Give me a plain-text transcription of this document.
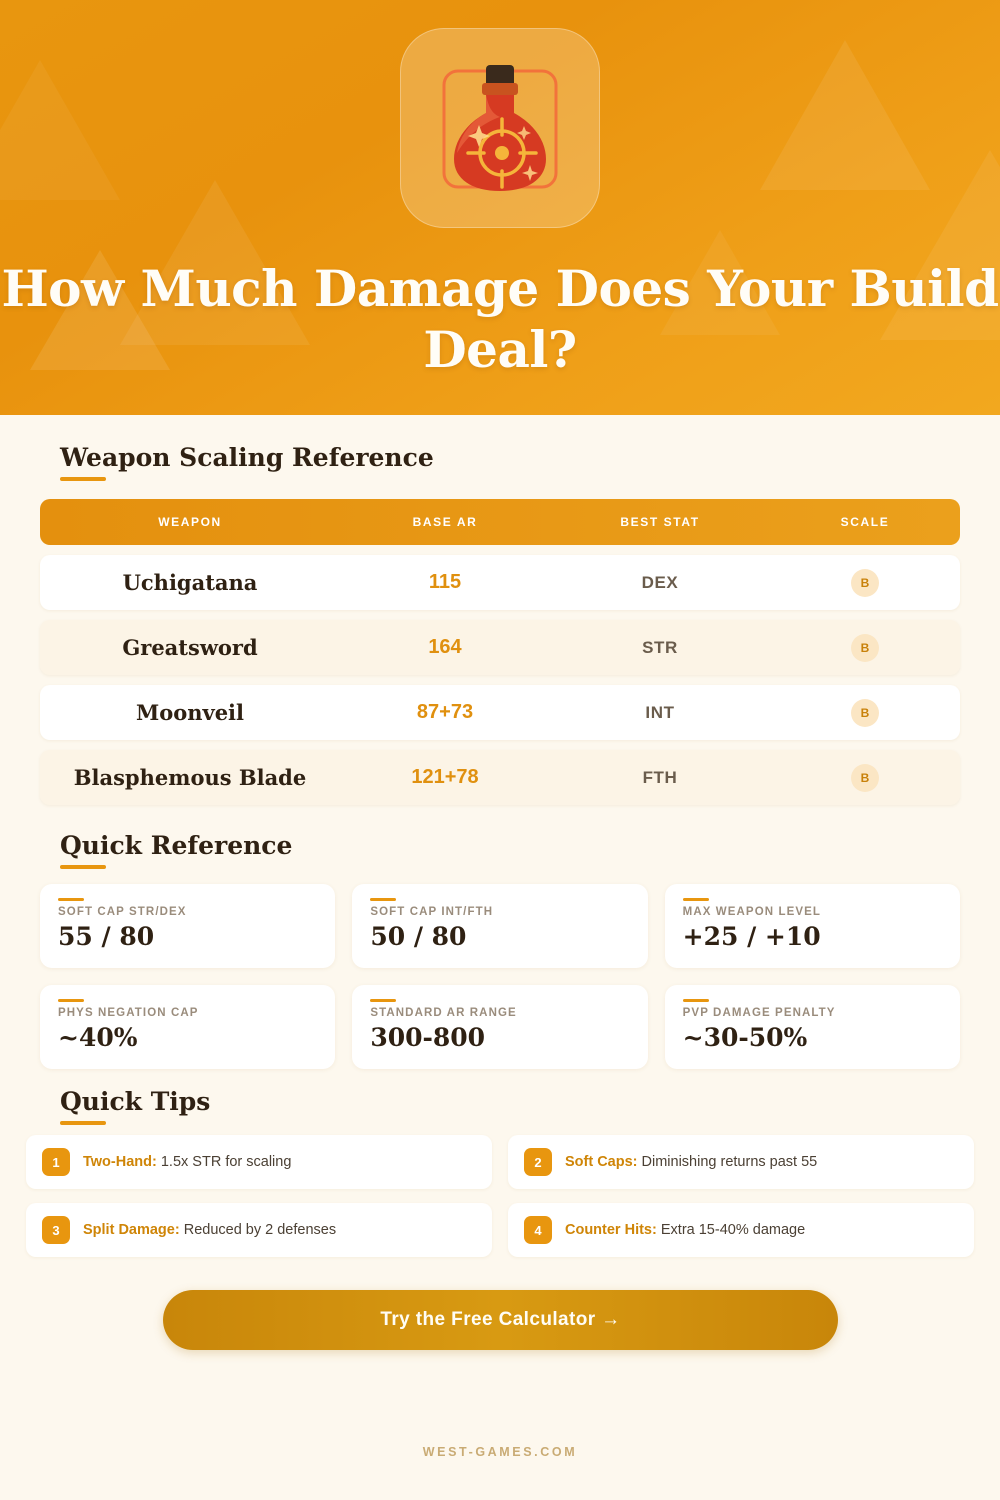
How Much Damage Does Your Build Deal?
Weapon Scaling Reference
WEAPON	BASE AR	BEST STAT	SCALE
Uchigatana	115	DEX	B
Greatsword	164	STR	B
Moonveil	87+73	INT	B
Blasphemous Blade	121+78	FTH	B
Quick Reference
SOFT CAP STR/DEX
55 / 80
SOFT CAP INT/FTH
50 / 80
MAX WEAPON LEVEL
+25 / +10
PHYS NEGATION CAP
~40%
STANDARD AR RANGE
300-800
PVP DAMAGE PENALTY
~30-50%
Quick Tips
1	Two-Hand: 1.5x STR for scaling	2	Soft Caps: Diminishing returns past 55
3	Split Damage: Reduced by 2 defenses	4	Counter Hits: Extra 15-40% damage
Try the Free Calculator →
WEST-GAMES.COM
